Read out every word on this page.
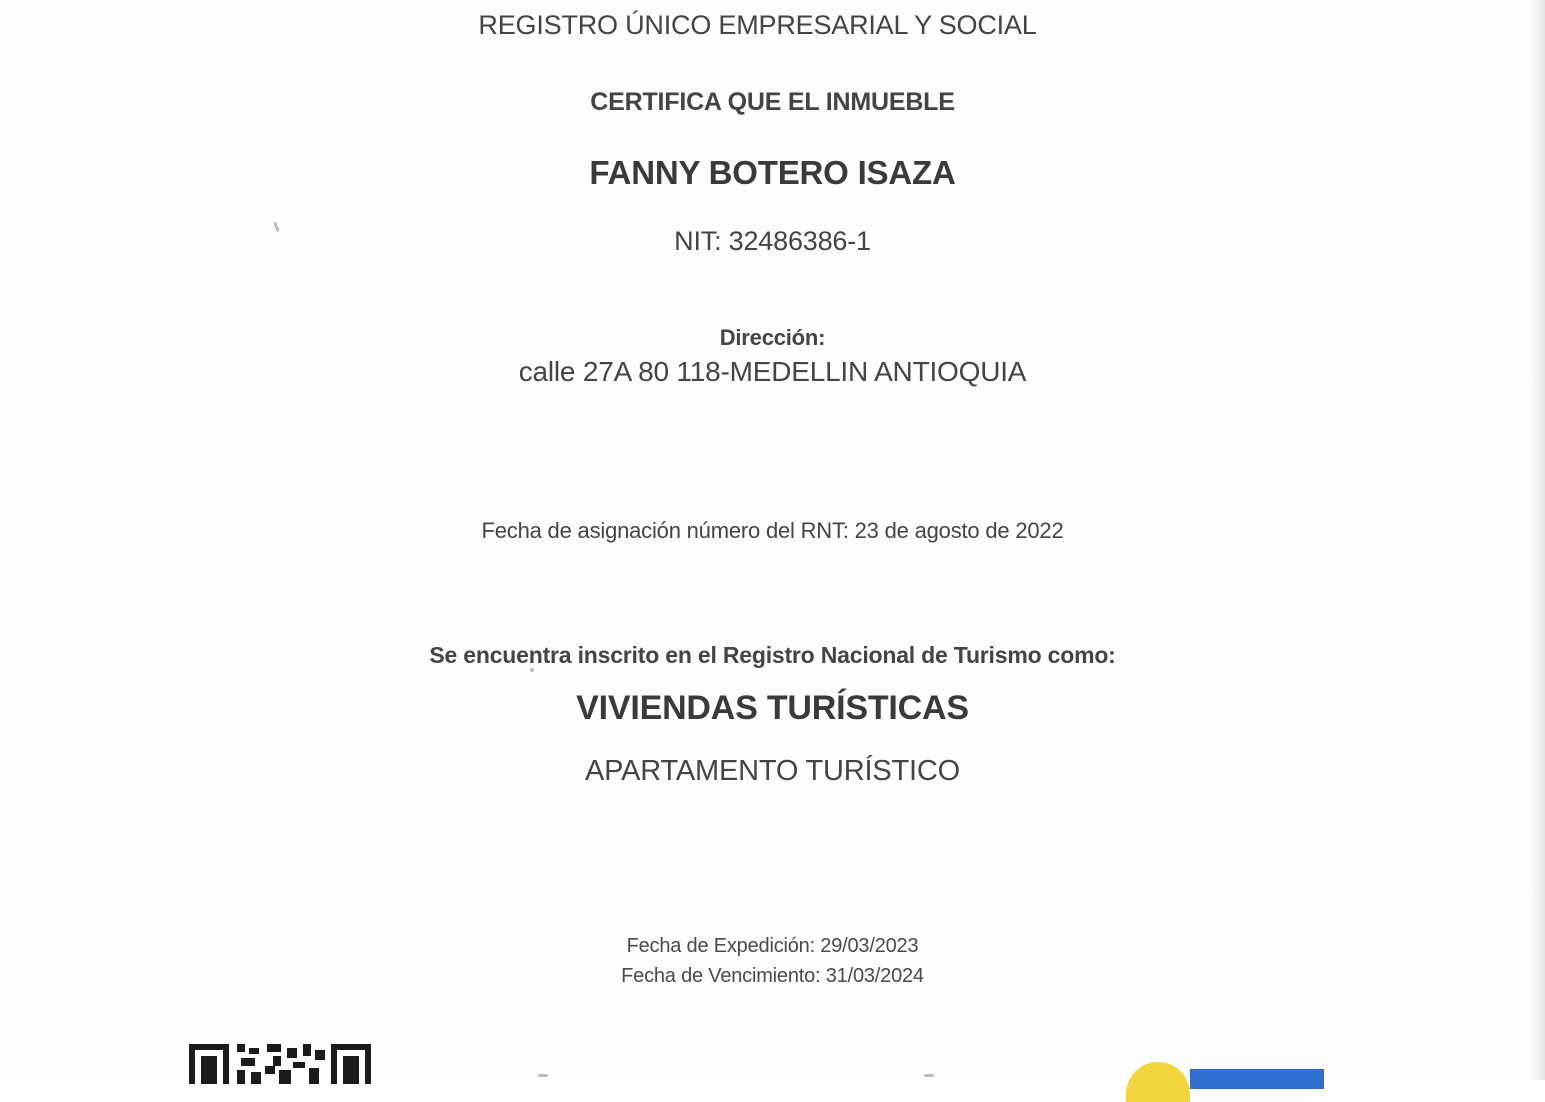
REGISTRO ÚNICO EMPRESARIAL Y SOCIAL
CERTIFICA QUE EL INMUEBLE
FANNY BOTERO ISAZA
NIT: 32486386-1
Dirección:
calle 27A 80 118-MEDELLIN ANTIOQUIA
Fecha de asignación número del RNT: 23 de agosto de 2022
Se encuentra inscrito en el Registro Nacional de Turismo como:
VIVIENDAS TURÍSTICAS
APARTAMENTO TURÍSTICO
Fecha de Expedición: 29/03/2023
Fecha de Vencimiento: 31/03/2024
